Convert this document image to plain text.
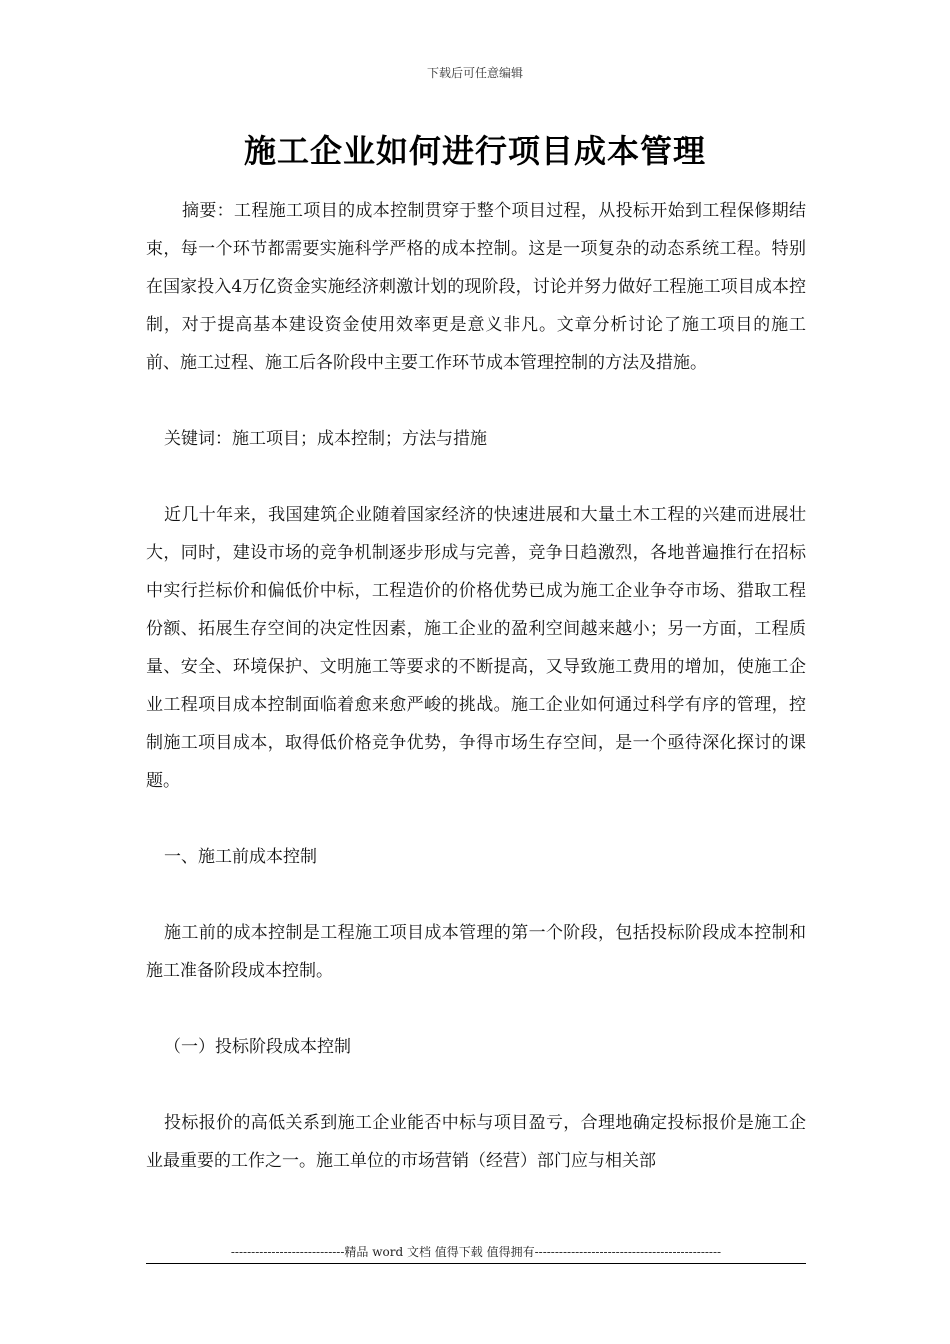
下载后可任意编辑
施工企业如何进行项目成本管理

摘要：工程施工项目的成本控制贯穿于整个项目过程，从投标开始到工程保修期结束，每一个环节都需要实施科学严格的成本控制。这是一项复杂的动态系统工程。特别在国家投入4万亿资金实施经济刺激计划的现阶段，讨论并努力做好工程施工项目成本控制，对于提高基本建设资金使用效率更是意义非凡。文章分析讨论了施工项目的施工前、施工过程、施工后各阶段中主要工作环节成本管理控制的方法及措施。

关键词：施工项目；成本控制；方法与措施

近几十年来，我国建筑企业随着国家经济的快速进展和大量土木工程的兴建而进展壮大，同时，建设市场的竞争机制逐步形成与完善，竞争日趋激烈，各地普遍推行在招标中实行拦标价和偏低价中标，工程造价的价格优势已成为施工企业争夺市场、猎取工程份额、拓展生存空间的决定性因素，施工企业的盈利空间越来越小；另一方面，工程质量、安全、环境保护、文明施工等要求的不断提高，又导致施工费用的增加，使施工企业工程项目成本控制面临着愈来愈严峻的挑战。施工企业如何通过科学有序的管理，控制施工项目成本，取得低价格竞争优势，争得市场生存空间，是一个亟待深化探讨的课题。

一、施工前成本控制

施工前的成本控制是工程施工项目成本管理的第一个阶段，包括投标阶段成本控制和施工准备阶段成本控制。

（一）投标阶段成本控制

投标报价的高低关系到施工企业能否中标与项目盈亏，合理地确定投标报价是施工企业最重要的工作之一。施工单位的市场营销（经营）部门应与相关部

----------------------------精品 word 文档 值得下载 值得拥有----------------------------------------------
